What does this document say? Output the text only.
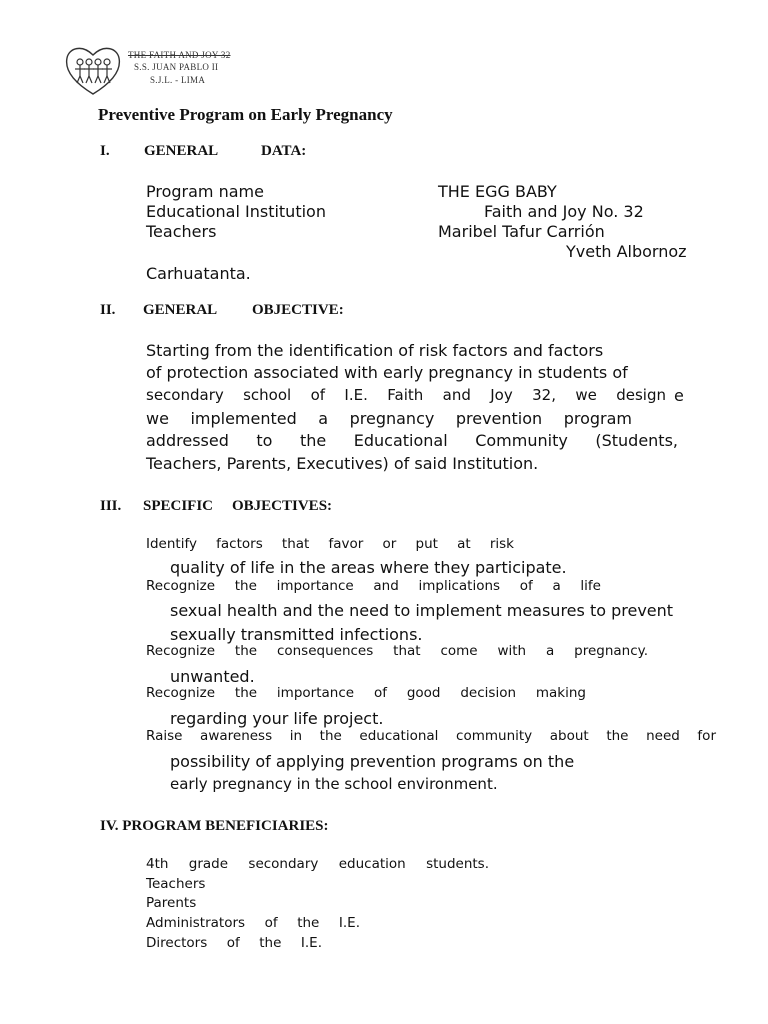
THE FAITH AND JOY 32
S.S. JUAN PABLO II
S.J.L. - LIMA
Preventive Program on Early Pregnancy
I. GENERAL	DATA:
Program name	THE EGG BABY
Educational Institution	Faith and Joy No. 32
Teachers	Maribel Tafur Carrión
Yveth Albornoz
Carhuatanta.
II. GENERAL OBJECTIVE:
Starting from the identification of risk factors and factors
of protection associated with early pregnancy in students of
secondary school of I.E. Faith and Joy 32, we design e
we implemented a pregnancy prevention program
addressed to the Educational Community (Students,
Teachers, Parents, Executives) of said Institution.
III. SPECIFIC OBJECTIVES:
Identify factors that favor or put at risk
quality of life in the areas where they participate.
Recognize the importance and implications of a life
sexual health and the need to implement measures to prevent
sexually transmitted infections.
Recognize the consequences that come with a pregnancy.
unwanted.
Recognize the importance of good decision making
regarding your life project.
Raise awareness in the educational community about the need for
possibility of applying prevention programs on the
early pregnancy in the school environment.
IV. PROGRAM BENEFICIARIES:
4th grade secondary education students.
Teachers
Parents
Administrators of the I.E.
Directors of the I.E.
